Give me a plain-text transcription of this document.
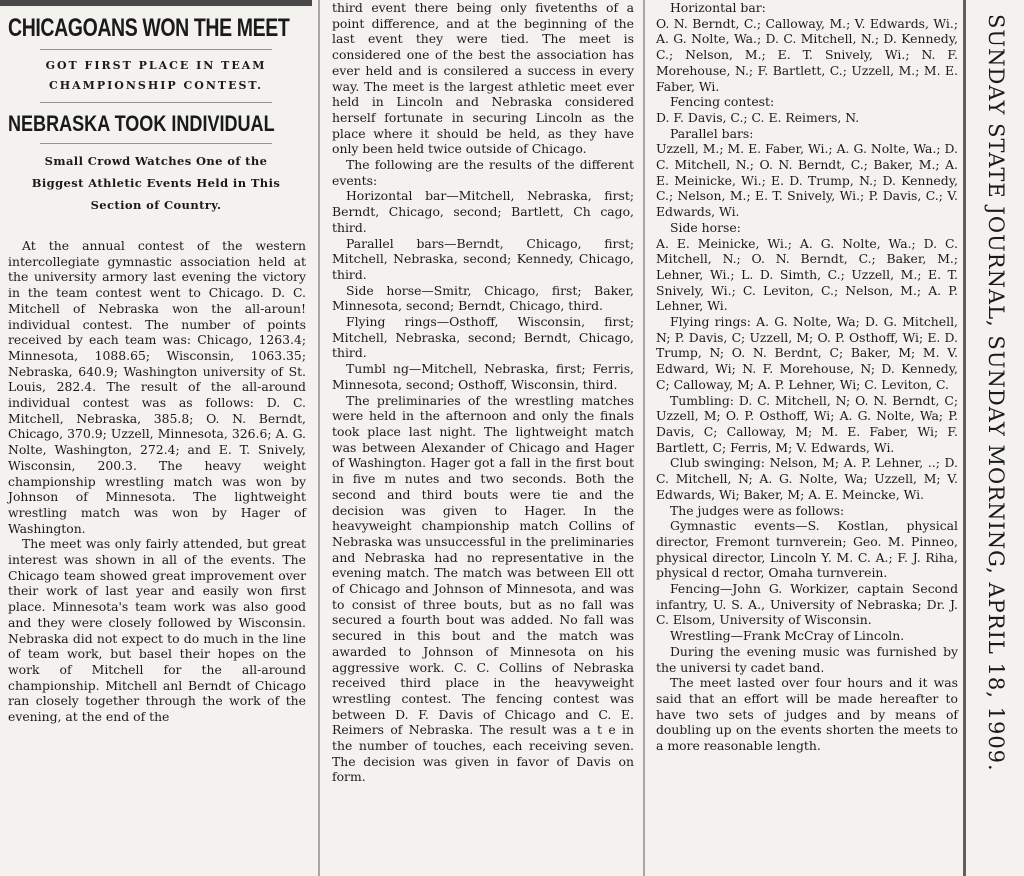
CHICAGOANS WON THE MEET
GOT FIRST PLACE IN TEAM CHAMPIONSHIP CONTEST.
NEBRASKA TOOK INDIVIDUAL
Small Crowd Watches One of the Biggest Athletic Events Held in This Section of Country.

At the annual contest of the western intercollegiate gymnastic association held at the university armory last evening the victory in the team contest went to Chicago. D. C. Mitchell of Nebraska won the all-aroun! individual contest. The number of points received by each team was: Chicago, 1263.4; Minnesota, 1088.65; Wisconsin, 1063.35; Nebraska, 640.9; Washington university of St. Louis, 282.4. The result of the all-around individual contest was as follows: D. C. Mitchell, Nebraska, 385.8; O. N. Berndt, Chicago, 370.9; Uzzell, Minnesota, 326.6; A. G. Nolte, Washington, 272.4; and E. T. Snively, Wisconsin, 200.3. The heavy weight championship wrestling match was won by Johnson of Minnesota. The lightweight wrestling match was won by Hager of Washington.

The meet was only fairly attended, but great interest was shown in all of the events. The Chicago team showed great improvement over their work of last year and easily won first place. Minnesota's team work was also good and they were closely followed by Wisconsin. Nebraska did not expect to do much in the line of team work, but basel their hopes on the work of Mitchell for the all-around championship. Mitchell anl Berndt of Chicago ran closely together through the work of the evening, at the end of the

third event there being only fivetenths of a point difference, and at the beginning of the last event they were tied. The meet is considered one of the best the association has ever held and is consilered a success in every way. The meet is the largest athletic meet ever held in Lincoln and Nebraska considered herself fortunate in securing Lincoln as the place where it should be held, as they have only been held twice outside of Chicago.

The following are the results of the different events:

Horizontal bar—Mitchell, Nebraska, first; Berndt, Chicago, second; Bartlett, Ch cago, third.

Parallel bars—Berndt, Chicago, first; Mitchell, Nebraska, second; Kennedy, Chicago, third.

Side horse—Smitr, Chicago, first; Baker, Minnesota, second; Berndt, Chicago, third.

Flying rings—Osthoff, Wisconsin, first; Mitchell, Nebraska, second; Berndt, Chicago, third.

Tumbl ng—Mitchell, Nebraska, first; Ferris, Minnesota, second; Osthoff, Wisconsin, third.

The preliminaries of the wrestling matches were held in the afternoon and only the finals took place last night. The lightweight match was between Alexander of Chicago and Hager of Washington. Hager got a fall in the first bout in five m nutes and two seconds. Both the second and third bouts were tie and the decision was given to Hager. In the heavyweight championship match Collins of Nebraska was unsuccessful in the preliminaries and Nebraska had no representative in the evening match. The match was between Ell ott of Chicago and Johnson of Minnesota, and was to consist of three bouts, but as no fall was secured a fourth bout was added. No fall was secured in this bout and the match was awarded to Johnson of Minnesota on his aggressive work. C. C. Collins of Nebraska received third place in the heavyweight wrestling contest. The fencing contest was between D. F. Davis of Chicago and C. E. Reimers of Nebraska. The result was a t e in the number of touches, each receiving seven. The decision was given in favor of Davis on form.

Horizontal bar:

O. N. Berndt, C.; Calloway, M.; V. Edwards, Wi.; A. G. Nolte, Wa.; D. C. Mitchell, N.; D. Kennedy, C.; Nelson, M.; E. T. Snively, Wi.; N. F. Morehouse, N.; F. Bartlett, C.; Uzzell, M.; M. E. Faber, Wi.

Fencing contest:

D. F. Davis, C.; C. E. Reimers, N.

Parallel bars:

Uzzell, M.; M. E. Faber, Wi.; A. G. Nolte, Wa.; D. C. Mitchell, N.; O. N. Berndt, C.; Baker, M.; A. E. Meinicke, Wi.; E. D. Trump, N.; D. Kennedy, C.; Nelson, M.; E. T. Snively, Wi.; P. Davis, C.; V. Edwards, Wi.

Side horse:

A. E. Meinicke, Wi.; A. G. Nolte, Wa.; D. C. Mitchell, N.; O. N. Berndt, C.; Baker, M.; Lehner, Wi.; L. D. Simth, C.; Uzzell, M.; E. T. Snively, Wi.; C. Leviton, C.; Nelson, M.; A. P. Lehner, Wi.

Flying rings: A. G. Nolte, Wa; D. G. Mitchell, N; P. Davis, C; Uzzell, M; O. P. Osthoff, Wi; E. D. Trump, N; O. N. Berdnt, C; Baker, M; M. V. Edward, Wi; N. F. Morehouse, N; D. Kennedy, C; Calloway, M; A. P. Lehner, Wi; C. Leviton, C.

Tumbling: D. C. Mitchell, N; O. N. Berndt, C; Uzzell, M; O. P. Osthoff, Wi; A. G. Nolte, Wa; P. Davis, C; Calloway, M; M. E. Faber, Wi; F. Bartlett, C; Ferris, M; V. Edwards, Wi.

Club swinging: Nelson, M; A. P. Lehner, ..; D. C. Mitchell, N; A. G. Nolte, Wa; Uzzell, M; V. Edwards, Wi; Baker, M; A. E. Meincke, Wi.

The judges were as follows:

Gymnastic events—S. Kostlan, physical director, Fremont turnverein; Geo. M. Pinneo, physical director, Lincoln Y. M. C. A.; F. J. Riha, physical d rector, Omaha turnverein.

Fencing—John G. Workizer, captain Second infantry, U. S. A., University of Nebraska; Dr. J. C. Elsom, University of Wisconsin.

Wrestling—Frank McCray of Lincoln.

During the evening music was furnished by the universi ty cadet band.

The meet lasted over four hours and it was said that an effort will be made hereafter to have two sets of judges and by means of doubling up on the events shorten the meets to a more reasonable length.	SUNDAY STATE JOURNAL, SUNDAY MORNING, APRIL 18, 1909.
